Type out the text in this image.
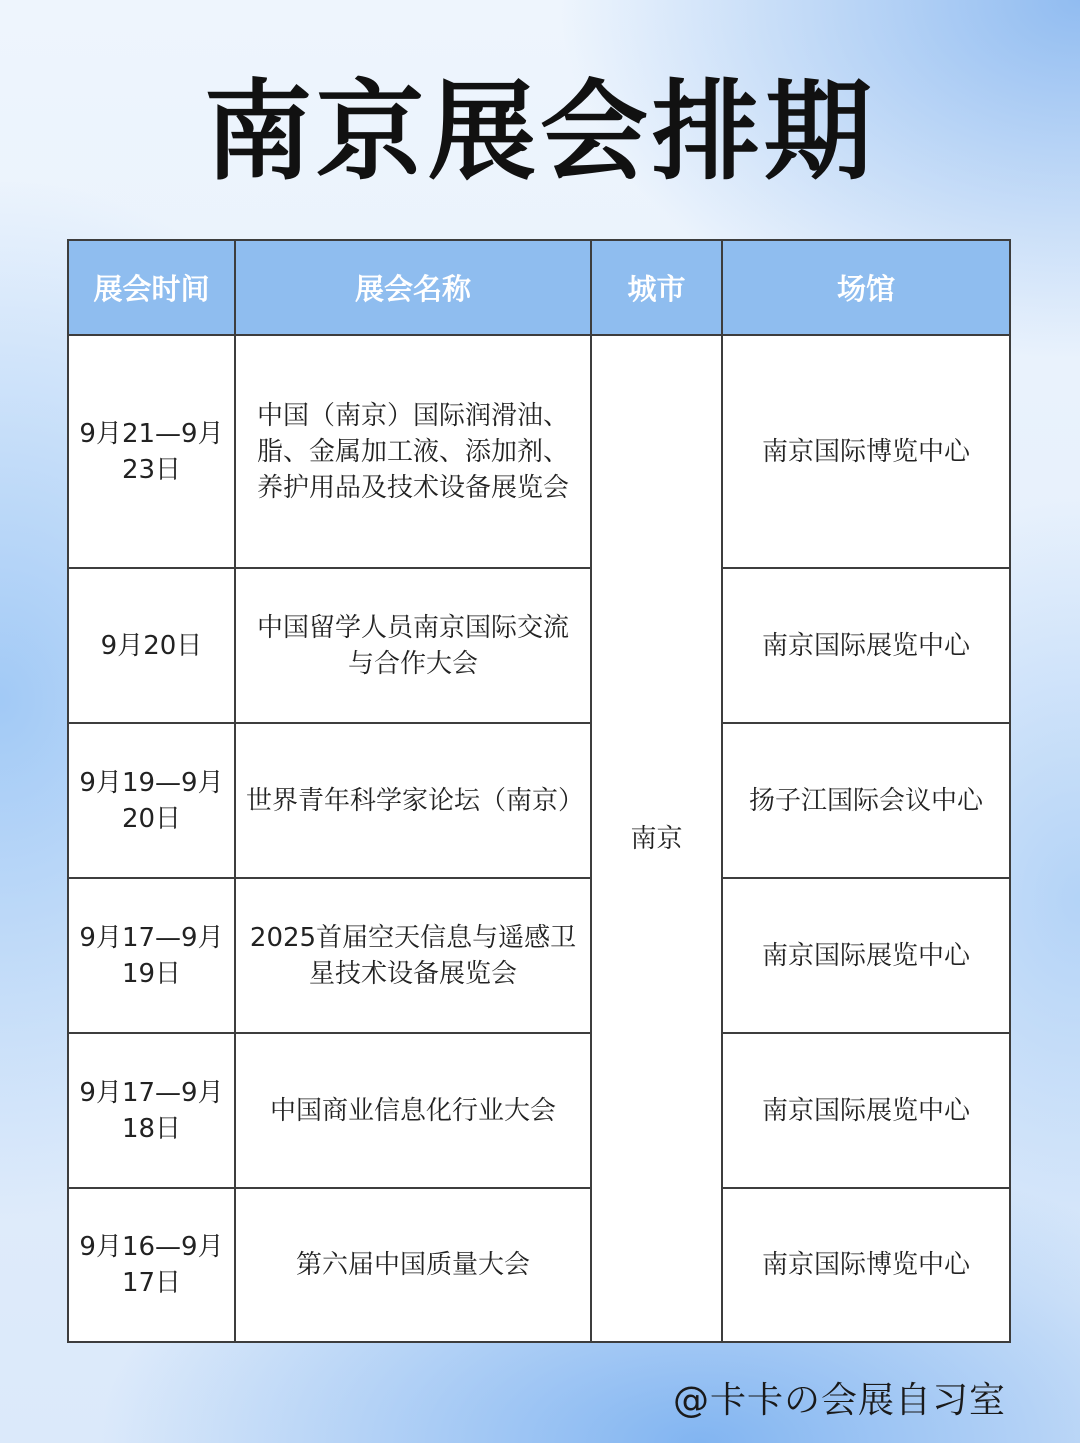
南京展会排期
展会时间	展会名称	城市	场馆
9月21—9月23日	中国（南京）国际润滑油、脂、金属加工液、添加剂、养护用品及技术设备展览会	南京	南京国际博览中心
9月20日	中国留学人员南京国际交流与合作大会		南京国际展览中心
9月19—9月20日	世界青年科学家论坛（南京）		扬子江国际会议中心
9月17—9月19日	2025首届空天信息与遥感卫星技术设备展览会		南京国际展览中心
9月17—9月18日	中国商业信息化行业大会		南京国际展览中心
9月16—9月17日	第六届中国质量大会		南京国际博览中心
@卡卡の会展自习室
